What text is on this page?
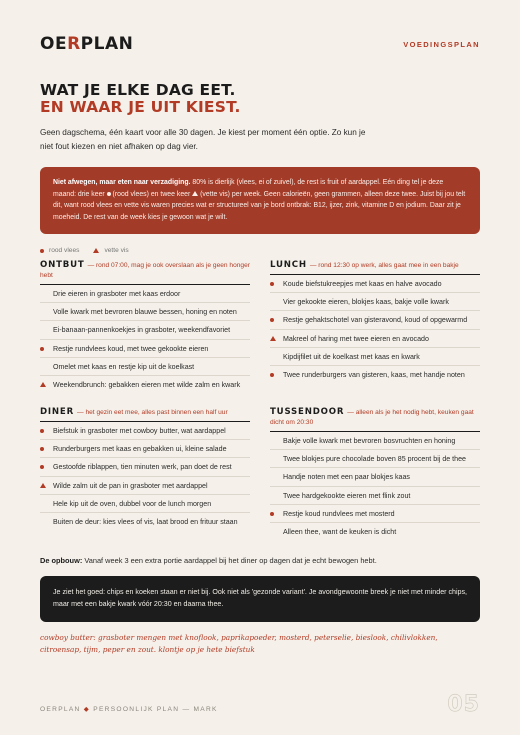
OERPLAN	VOEDINGSPLAN
WAT JE ELKE DAG EET.
EN WAAR JE UIT KIEST.

Geen dagschema, één kaart voor alle 30 dagen. Je kiest per moment één optie. Zo kun je niet fout kiezen en niet afhaken op dag vier.

Niet afwegen, maar eten naar verzadiging. 80% is dierlijk (vlees, ei of zuivel), de rest is fruit of aardappel. Eén ding tel je deze maand: drie keer  (rood vlees) en twee keer  (vette vis) per week. Geen calorieën, geen grammen, alleen deze twee. Juist bij jou telt dit, want rood vlees en vette vis waren precies wat er structureel van je bord ontbrak: B12, ijzer, zink, vitamine D en jodium. Daar zit je moeheid. De rest van de week kies je gewoon wat je wilt.
rood vlees	vette vis
ONTBUT — rond 07:00, mag je ook overslaan als je geen honger hebt
Drie eieren in grasboter met kaas erdoor
Volle kwark met bevroren blauwe bessen, honing en noten
Ei-banaan-pannenkoekjes in grasboter, weekendfavoriet
Restje rundvlees koud, met twee gekookte eieren
Omelet met kaas en restje kip uit de koelkast
Weekendbrunch: gebakken eieren met wilde zalm en kwark
LUNCH — rond 12:30 op werk, alles gaat mee in een bakje
Koude biefstukreepjes met kaas en halve avocado
Vier gekookte eieren, blokjes kaas, bakje volle kwark
Restje gehaktschotel van gisteravond, koud of opgewarmd
Makreel of haring met twee eieren en avocado
Kipdijfilet uit de koelkast met kaas en kwark
Twee runderburgers van gisteren, kaas, met handje noten
DINER — het gezin eet mee, alles past binnen een half uur
Biefstuk in grasboter met cowboy butter, wat aardappel
Runderburgers met kaas en gebakken ui, kleine salade
Gestoofde riblappen, tien minuten werk, pan doet de rest
Wilde zalm uit de pan in grasboter met aardappel
Hele kip uit de oven, dubbel voor de lunch morgen
Buiten de deur: kies vlees of vis, laat brood en frituur staan
TUSSENDOOR — alleen als je het nodig hebt, keuken gaat dicht om 20:30
Bakje volle kwark met bevroren bosvruchten en honing
Twee blokjes pure chocolade boven 85 procent bij de thee
Handje noten met een paar blokjes kaas
Twee hardgekookte eieren met flink zout
Restje koud rundvlees met mosterd
Alleen thee, want de keuken is dicht

De opbouw: Vanaf week 3 een extra portie aardappel bij het diner op dagen dat je echt bewogen hebt.

Je ziet het goed: chips en koeken staan er niet bij. Ook niet als 'gezonde variant'. Je avondgewoonte breek je niet met minder chips, maar met een bakje kwark vóór 20:30 en daarna thee.

cowboy butter: grasboter mengen met knoflook, paprikapoeder, mosterd, peterselie, bieslook, chilivlokken, citroensap, tijm, peper en zout. klontje op je hete biefstuk

OERPLAN ◆ PERSOONLIJK PLAN — MARK	05
